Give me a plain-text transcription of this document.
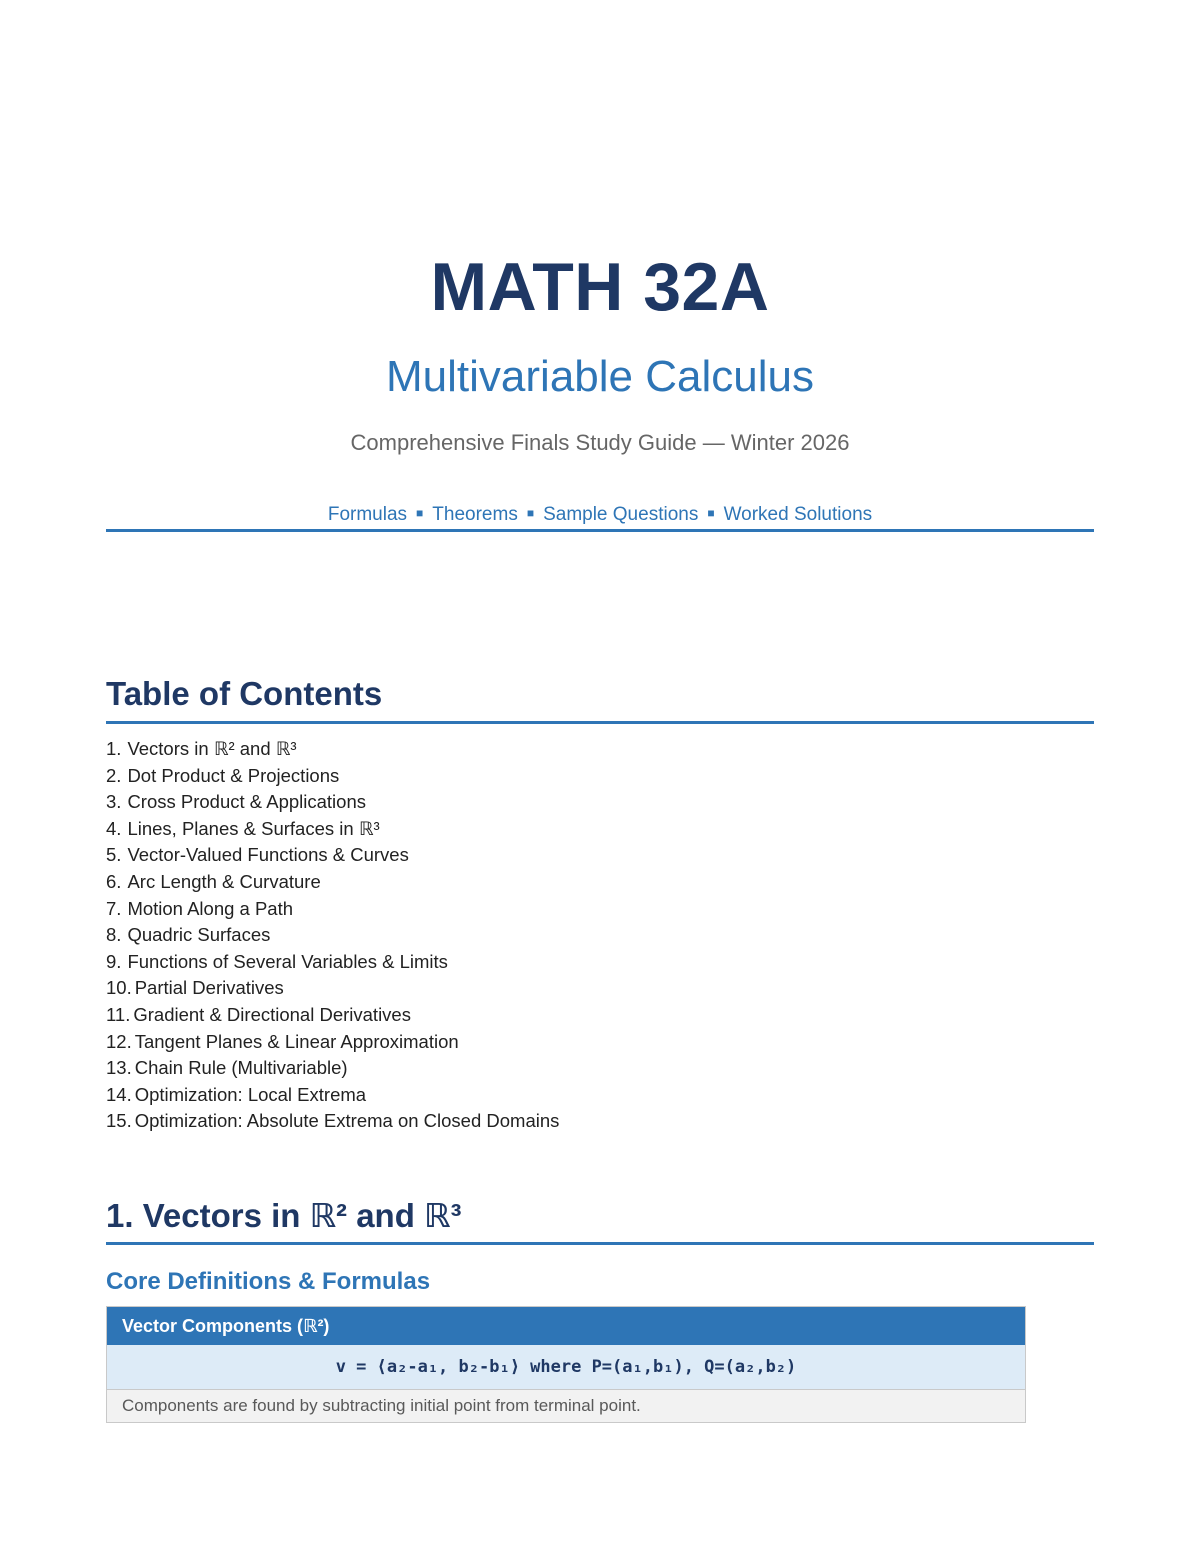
MATH 32A
Multivariable Calculus
Comprehensive Finals Study Guide — Winter 2026
Formulas ■ Theorems ■ Sample Questions ■ Worked Solutions
Table of Contents
1. Vectors in ℝ² and ℝ³
2. Dot Product & Projections
3. Cross Product & Applications
4. Lines, Planes & Surfaces in ℝ³
5. Vector-Valued Functions & Curves
6. Arc Length & Curvature
7. Motion Along a Path
8. Quadric Surfaces
9. Functions of Several Variables & Limits
10. Partial Derivatives
11. Gradient & Directional Derivatives
12. Tangent Planes & Linear Approximation
13. Chain Rule (Multivariable)
14. Optimization: Local Extrema
15. Optimization: Absolute Extrema on Closed Domains
1. Vectors in ℝ² and ℝ³
Core Definitions & Formulas
Vector Components (ℝ²)
v = ⟨a₂-a₁, b₂-b₁⟩ where P=(a₁,b₁), Q=(a₂,b₂)
Components are found by subtracting initial point from terminal point.
